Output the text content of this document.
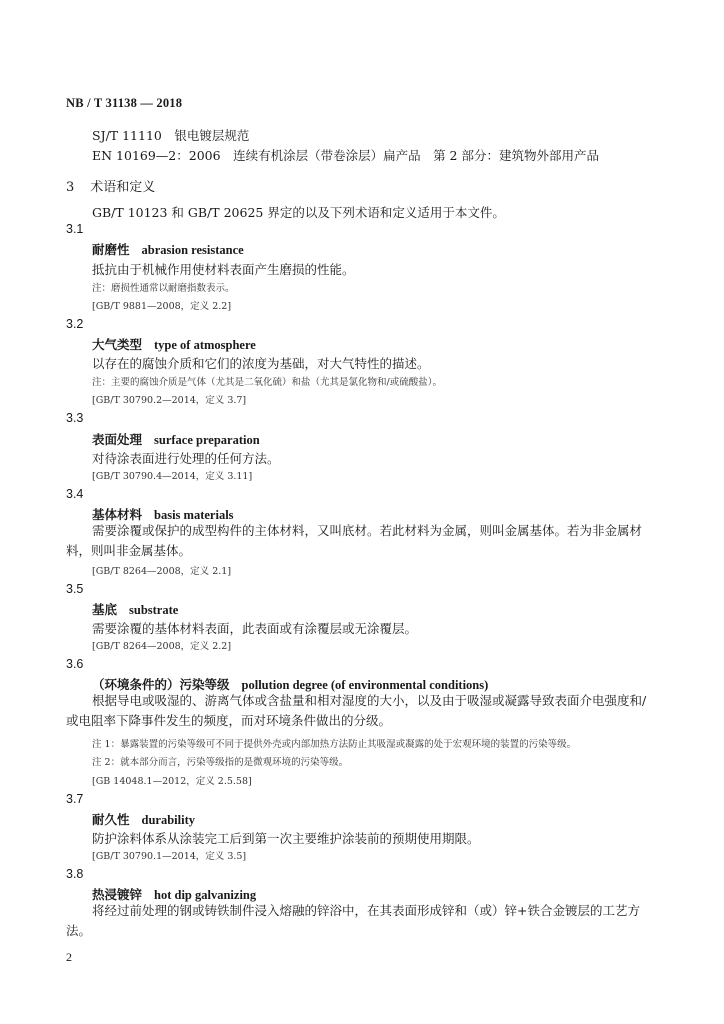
NB / T 31138 — 2018
SJ/T 11110　银电镀层规范
EN 10169—2：2006　连续有机涂层（带卷涂层）扁产品　第 2 部分：建筑物外部用产品
3 术语和定义
GB/T 10123 和 GB/T 20625 界定的以及下列术语和定义适用于本文件。
3.1
耐磨性 abrasion resistance
抵抗由于机械作用使材料表面产生磨损的性能。
注：磨损性通常以耐磨指数表示。
[GB/T 9881—2008，定义 2.2]
3.2
大气类型 type of atmosphere
以存在的腐蚀介质和它们的浓度为基础，对大气特性的描述。
注：主要的腐蚀介质是气体（尤其是二氧化硫）和盐（尤其是氯化物和/或硫酸盐）。
[GB/T 30790.2—2014，定义 3.7]
3.3
表面处理 surface preparation
对待涂表面进行处理的任何方法。
[GB/T 30790.4—2014，定义 3.11]
3.4
基体材料 basis materials
需要涂覆或保护的成型构件的主体材料，又叫底材。若此材料为金属，则叫金属基体。若为非金属材料，则叫非金属基体。
[GB/T 8264—2008，定义 2.1]
3.5
基底 substrate
需要涂覆的基体材料表面，此表面或有涂覆层或无涂覆层。
[GB/T 8264—2008，定义 2.2]
3.6
（环境条件的）污染等级 pollution degree (of environmental conditions)
根据导电或吸湿的、游离气体或含盐量和相对湿度的大小，以及由于吸湿或凝露导致表面介电强度和/或电阻率下降事件发生的频度，而对环境条件做出的分级。
注 1：暴露装置的污染等级可不同于提供外壳或内部加热方法防止其吸湿或凝露的处于宏观环境的装置的污染等级。
注 2：就本部分而言，污染等级指的是微观环境的污染等级。
[GB 14048.1—2012，定义 2.5.58]
3.7
耐久性 durability
防护涂料体系从涂装完工后到第一次主要维护涂装前的预期使用期限。
[GB/T 30790.1—2014，定义 3.5]
3.8
热浸镀锌 hot dip galvanizing
将经过前处理的钢或铸铁制件浸入熔融的锌浴中，在其表面形成锌和（或）锌+铁合金镀层的工艺方法。
2
